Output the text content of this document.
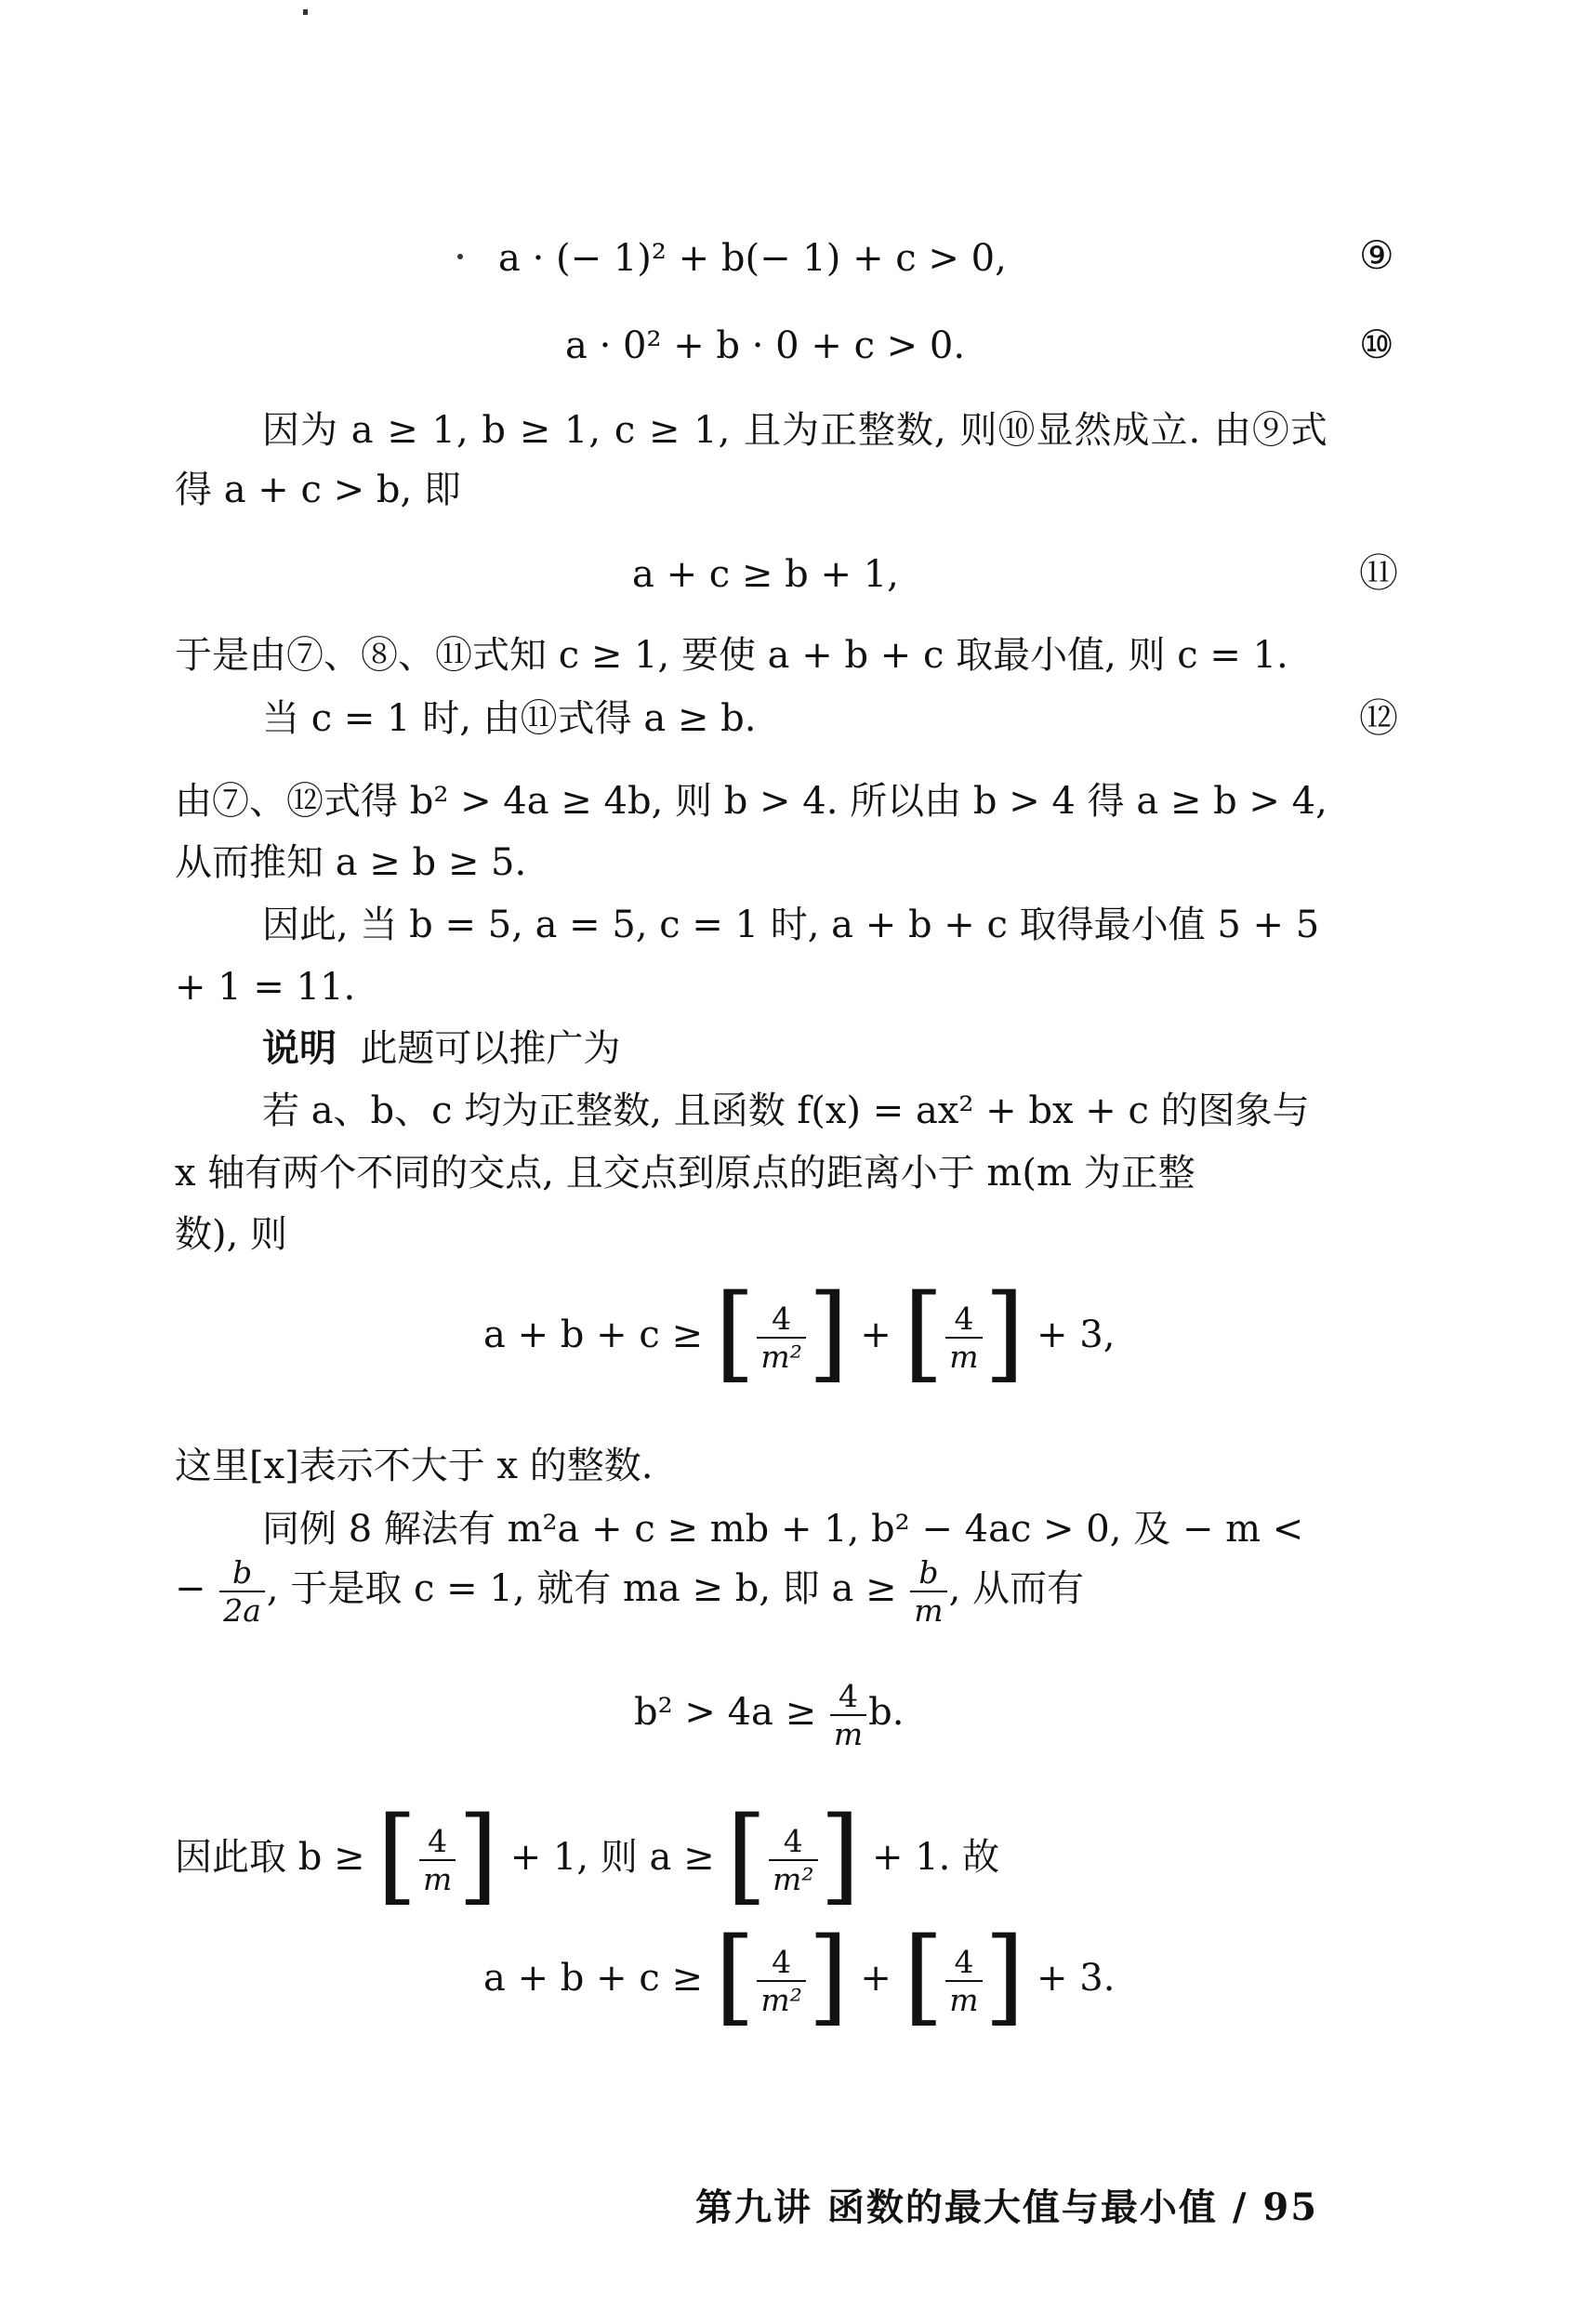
a · (− 1)² + b(− 1) + c > 0,	⑨
a · 0² + b · 0 + c > 0.	⑩
因为 a ≥ 1, b ≥ 1, c ≥ 1, 且为正整数, 则⑩显然成立. 由⑨式
得 a + c > b, 即
a + c ≥ b + 1,	⑪
于是由⑦、⑧、⑪式知 c ≥ 1, 要使 a + b + c 取最小值, 则 c = 1.
当 c = 1 时, 由⑪式得 a ≥ b.	⑫
由⑦、⑫式得 b² > 4a ≥ 4b, 则 b > 4. 所以由 b > 4 得 a ≥ b > 4,
从而推知 a ≥ b ≥ 5.
因此, 当 b = 5, a = 5, c = 1 时, a + b + c 取得最小值 5 + 5
+ 1 = 11.
说明 此题可以推广为
若 a、b、c 均为正整数, 且函数 f(x) = ax² + bx + c 的图象与
x 轴有两个不同的交点, 且交点到原点的距离小于 m(m 为正整
数), 则
a + b + c ≥ [ $\frac{4}{\text{m²}}$ ] + [ $\frac{4}{m}$ ] + 3,
这里[x]表示不大于 x 的整数.
同例 8 解法有 m²a + c ≥ mb + 1, b² − 4ac > 0, 及 − m <
− $\frac{b}{2a}$ , 于是取 c = 1, 就有 ma ≥ b, 即 $a \ge \frac{b}{m}$ , 从而有
$b^2 > 4a \ge \frac{4}{m} b$.
因此取 b ≥ [ $\frac{4}{m}$ ] + 1, 则 a ≥ [ $\frac{4}{\text{m²}}$ ] + 1. 故
a + b + c ≥ [ $\frac{4}{\text{m²}}$ ] + [ $\frac{4}{m}$ ] + 3.
第九讲 函数的最大值与最小值 / 95
